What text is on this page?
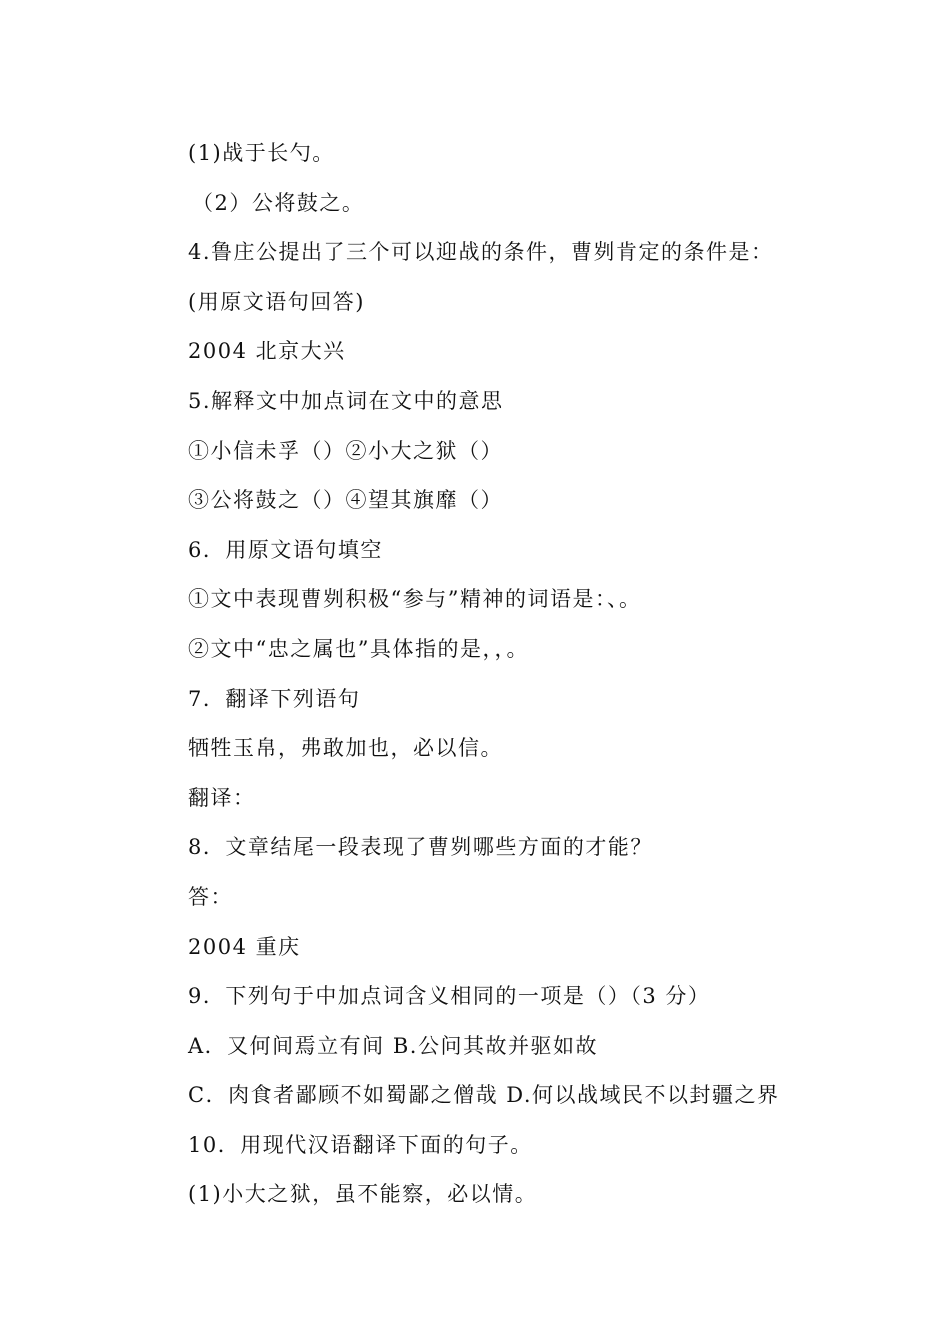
(1)战于长勺。
（2）公将鼓之。
4.鲁庄公提出了三个可以迎战的条件，曹刿肯定的条件是：
(用原文语句回答)
2004 北京大兴
5.解释文中加点词在文中的意思
①小信未孚（）②小大之狱（）
③公将鼓之（）④望其旗靡（）
6．用原文语句填空
①文中表现曹刿积极“参与”精神的词语是：、。
②文中“忠之属也”具体指的是，，。
7．翻译下列语句
牺牲玉帛，弗敢加也，必以信。
翻译：
8．文章结尾一段表现了曹刿哪些方面的才能？
答：
2004 重庆
9．下列句于中加点词含义相同的一项是（）（3 分）
A．又何间焉立有间 B.公问其故并驱如故
C．肉食者鄙顾不如蜀鄙之僧哉 D.何以战域民不以封疆之界
10．用现代汉语翻译下面的句子。
(1)小大之狱，虽不能察，必以情。
